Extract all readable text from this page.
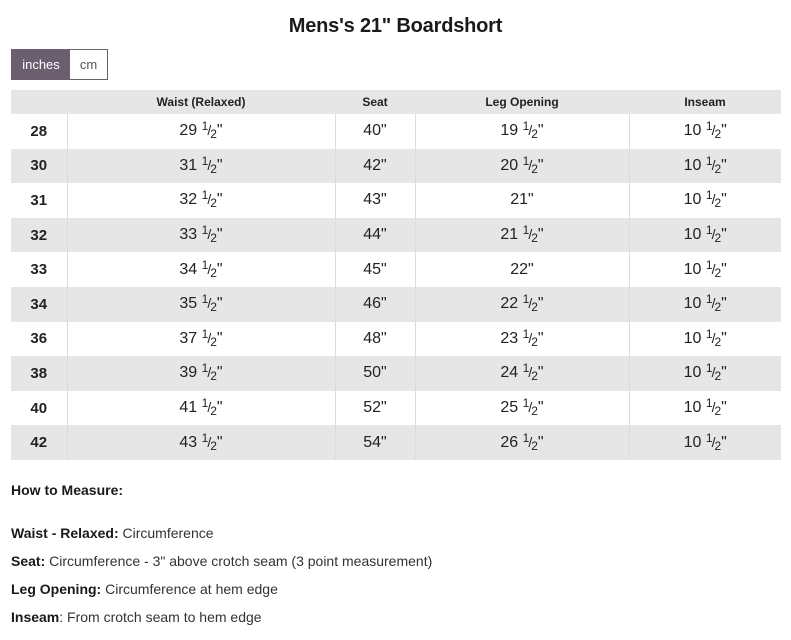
Mens's 21" Boardshort
inches	cm
	Waist (Relaxed)	Seat	Leg Opening	Inseam
28	29 1/2"	40"	19 1/2"	10 1/2"
30	31 1/2"	42"	20 1/2"	10 1/2"
31	32 1/2"	43"	21"	10 1/2"
32	33 1/2"	44"	21 1/2"	10 1/2"
33	34 1/2"	45"	22"	10 1/2"
34	35 1/2"	46"	22 1/2"	10 1/2"
36	37 1/2"	48"	23 1/2"	10 1/2"
38	39 1/2"	50"	24 1/2"	10 1/2"
40	41 1/2"	52"	25 1/2"	10 1/2"
42	43 1/2"	54"	26 1/2"	10 1/2"
How to Measure:
Waist - Relaxed: Circumference
Seat: Circumference - 3" above crotch seam (3 point measurement)
Leg Opening: Circumference at hem edge
Inseam: From crotch seam to hem edge
